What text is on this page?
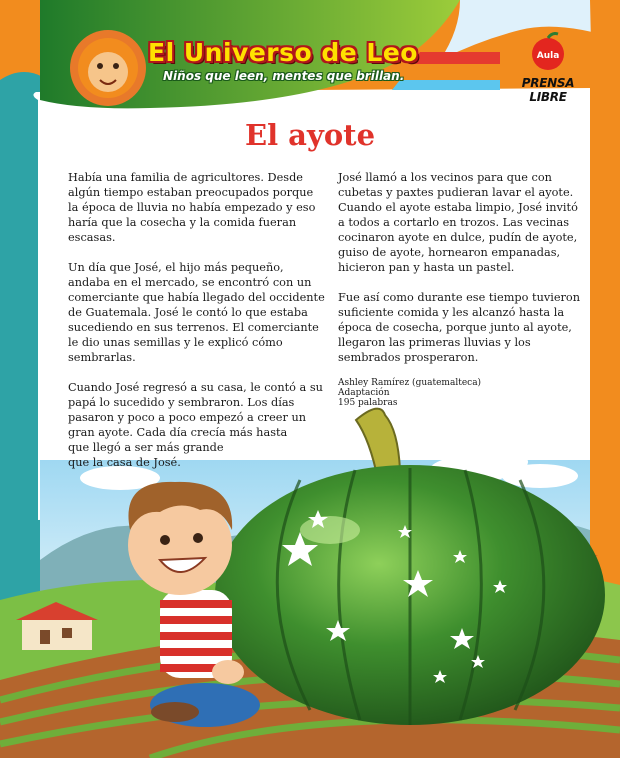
El Universo de Leo
Niños que leen, mentes que brillan.
Aula
PRENSA LIBRE
El ayote

Había una familia de agricultores. Desde
algún tiempo estaban preocupados porque
la época de lluvia no había empezado y eso
haría que la cosecha y la comida fueran
escasas.

Un día que José, el hijo más pequeño,
andaba en el mercado, se encontró con un
comerciante que había llegado del occidente
de Guatemala. José le contó lo que estaba
sucediendo en sus terrenos. El comerciante
le dio unas semillas y le explicó cómo
sembrarlas.

Cuando José regresó a su casa, le contó a su
papá lo sucedido y sembraron. Los días
pasaron y poco a poco empezó a creer un
gran ayote. Cada día crecía más hasta
que llegó a ser más grande
que la casa de José.

José llamó a los vecinos para que con
cubetas y paxtes pudieran lavar el ayote.
Cuando el ayote estaba limpio, José invitó
a todos a cortarlo en trozos. Las vecinas
cocinaron ayote en dulce, pudín de ayote,
guiso de ayote, hornearon empanadas,
hicieron pan y hasta un pastel.

Fue así como durante ese tiempo tuvieron
suficiente comida y les alcanzó hasta la
época de cosecha, porque junto al ayote,
llegaron las primeras lluvias y los
sembrados prosperaron.

Ashley Ramírez (guatemalteca)
Adaptación
195 palabras
